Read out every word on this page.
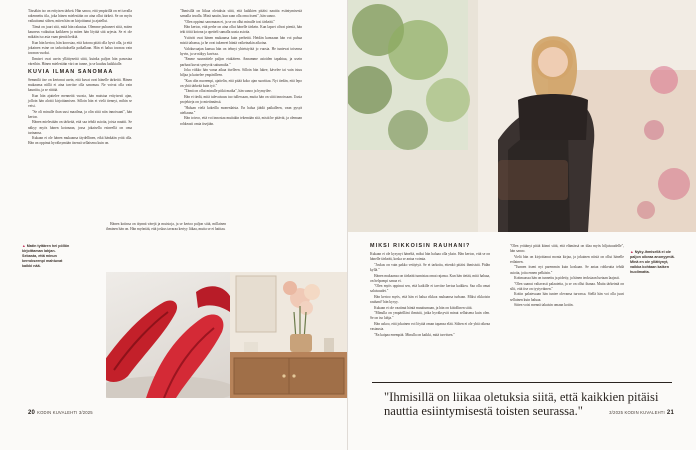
Tässäkin iso on erityisen tärkeä. Hän sanoo, että ympärillä on eri tavalla rakennettu tila, joka hänen mielestään on aina ollut tärkeä. Se on myös vaikuttanut siihen, miten hän on kirjoittanut ja ajatellut.
Tämä on juuri sitä, mitä hän rakastaa. Olemme puhuneet siitä, miten kauneus vaikuttaa kaikkeen ja miten hän löytää sitä arjesta. Se ei ole mikään iso asia vaan pieniä hetkiä.
Kun hän kertoo, hän korostaa, että kotona pitää olla hyvä olla, ja että jokainen esine on tarkoituksella paikallaan. Hän ei halua tavaraa vain tavaran vuoksi.
Ihmiset ovat usein yllättyneitä siitä, kuinka paljon hän panostaa väreihin. Hänen mielestään väri on tunne, ja se kuuluu kaikkialle.
KUVIA ILMAN SANOMAA
Semmilä itse on kertonut usein, että kuvat ovat hänelle tärkeitä. Hänen mukaansa niillä ei aina tarvitse olla sanomaa. Ne voivat olla vain kauniita, ja se riittää.
Kun hän ajattelee menneitä vuosia, hän muistaa erityisesti ajan, jolloin hän aloitti kirjoittamisen. Silloin hän ei vielä tiennyt, mihin se veisi.
"Se oli minulle ihan uusi maailma, ja olin siitä niin innoissani", hän kertoo.
Hänen mielestään on tärkeää, että saa tehdä asioita, joista nauttii. Se näkyy myös hänen kotonaan, jossa jokaisella esineellä on oma tarinansa.
Kukaan ei ole hänen mukaansa täydellinen, eikä hänkään yritä olla. Hän on oppinut hyväksymään itsensä sellaisena kuin on.
Hänen kotinsa on täynnä värejä ja muistoja, ja se kertoo paljon siitä, millainen ihminen hän on. Hän myöntää, että joskus tavaraa kertyy liikaa, mutta se ei haittaa.
"Ihmisillä on liikaa oletuksia siitä, että kaikkien pitäisi nauttia esiintymisestä samalla tavalla. Minä nautin, kun saan olla oma itseni", hän sanoo.
"Olen oppinut sanomaan ei, ja se on ollut minulle tosi tärkeää."
Hän kertoo, että perhe on aina ollut hänelle tärkein. Kun lapset olivat pieniä, hän teki töitä kotona ja opetteli samalla uusia asioita.
Ystävät ovat hänen mukaansa kuin perhettä. Heidän kanssaan hän voi puhua mistä tahansa, ja he ovat tukeneet häntä vaikeinakin aikoina.
Valokuvaajan kanssa hän on tehnyt yhteistyötä jo vuosia. He tuntevat toisensa hyvin, ja se näkyy kuvissa.
"Emme suunnittele paljon etukäteen. Annamme asioiden tapahtua, ja usein parhaat kuvat syntyvät sattumalta."
Joka viikko hän varaa aikaa itselleen. Silloin hän lukee, kävelee tai vain istuu hiljaa ja katselee ympärilleen.
"Kun olin nuorempi, ajattelin, että pitää koko ajan suorittaa. Nyt tiedän, että lepo on yhtä tärkeää kuin työ."
"Tämä on ollut minulle pitkä matka", hän sanoo ja hymyilee.
Hän ei tiedä, mitä tulevaisuus tuo tullessaan, mutta hän on siitä innoissaan. Uusia projekteja on jo mietinnässä.
"Haluan vielä kokeilla monenlaista. En halua jäädä paikalleen, vaan pysyä uteliaana."
Hän toivoo, että voi innostaa muitakin tekemään sitä, mistä he pitävät, ja olemaan rohkeasti omia itsejään.
▲ Matin tyttären hei pöllön kirjoittaman lahjan. Sebasta, että minun kerrokseenpi mahtuvat kaikki nää.
20 KODIN KUVALEHTI 3/2025
MIKSI RIKKOISIN RAUHANI?
Kukaan ei ole kysynyt häneltä, miksi hän haluaa olla yksin. Hän kertoo, että se on hänelle tärkeää, koska se antaa voimia.
"Joskus on vain pakko vetäytyä. Se ei tarkoita, ettenkö pitäisi ihmisistä. Pidän kyllä."
Hänen mukaansa on tärkeää tunnistaa omat rajansa. Kun hän tietää, mitä haluaa, on helpompi sanoa ei.
"Olen myös oppinut sen, että kaikille ei tarvitse kertoa kaikkea. Saa olla omat salaisuudet."
Hän kertoo myös, että hän ei halua rikkoa rauhaansa turhaan. Miksi rikkoisin rauhani? hän kysyy.
Kukaan ei ole vaatinut häntä muuttumaan, ja hän on kiitollinen siitä.
"Minulla on ympärilläni ihmisiä, jotka hyväksyvät minut sellaisena kuin olen. Se on iso lahja."
Hän uskoo, että jokainen voi löytää oman tapansa elää. Siihen ei ole yhtä oikeaa vastausta.
"En kaipaa enempää. Minulla on kaikki, mitä tarvitsen."
"Olen yrittänyt pitää kiinni siitä, että elämässä on tilaa myös hiljaisuudelle", hän sanoo.
Vielä hän on kirjoittanut monta kirjaa, ja jokainen niistä on ollut hänelle erilainen.
"Tunnen itseni nyt paremmin kuin koskaan. Se antaa rohkeutta tehdä asioita, joita ennen pelkäsin."
Kotimaassa hän on tunnettu ja pidetty, ja hänen teoksiaan luetaan laajasti.
"Olen saanut valtavasti palautetta, ja se on ollut ihanaa. Mutta tärkeintä on silti, että itse on tyytyväinen."
Kotiin palatessaan hän tuntee olevansa turvassa. Siellä hän voi olla juuri sellainen kuin haluaa.
Sitten voisi mennä takaisin omaan kotiin.
▲ Nyky-ihmisellä ei ole paljon oikeaa anonyymiä. Minä en ole yllättynyt, vaikka kohtaan kaiken huolimatta.
"Ihmisillä on liikaa oletuksia siitä, että kaikkien pitäisi nauttia esiintymisestä toisten seurassa."	3/2025 KODIN KUVALEHTI 21
